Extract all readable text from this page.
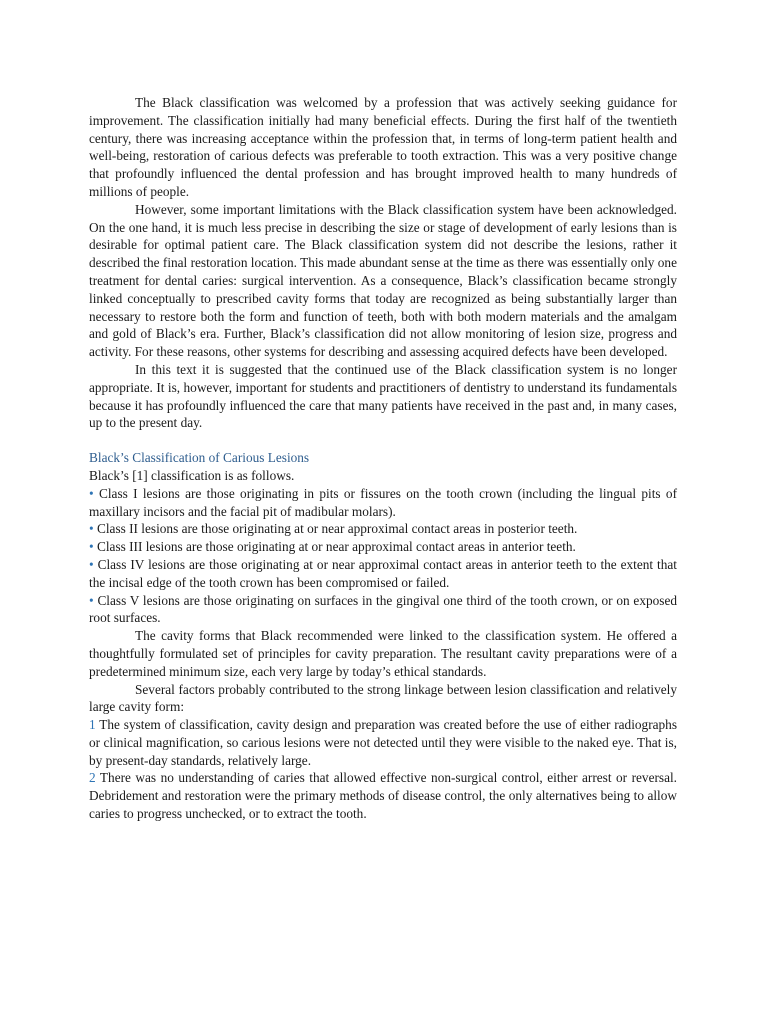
The Black classification was welcomed by a profession that was actively seeking guidance for improvement. The classification initially had many beneficial effects. During the first half of the twentieth century, there was increasing acceptance within the profession that, in terms of long-term patient health and well-being, restoration of carious defects was preferable to tooth extraction. This was a very positive change that profoundly influenced the dental profession and has brought improved health to many hundreds of millions of people.

However, some important limitations with the Black classification system have been acknowledged. On the one hand, it is much less precise in describing the size or stage of development of early lesions than is desirable for optimal patient care. The Black classification system did not describe the lesions, rather it described the final restoration location. This made abundant sense at the time as there was essentially only one treatment for dental caries: surgical intervention. As a consequence, Black’s classification became strongly linked conceptually to prescribed cavity forms that today are recognized as being substantially larger than necessary to restore both the form and function of teeth, both with both modern materials and the amalgam and gold of Black’s era. Further, Black’s classification did not allow monitoring of lesion size, progress and activity. For these reasons, other systems for describing and assessing acquired defects have been developed.

In this text it is suggested that the continued use of the Black classification system is no longer appropriate. It is, however, important for students and practitioners of dentistry to understand its fundamentals because it has profoundly influenced the care that many patients have received in the past and, in many cases, up to the present day.

Black’s Classification of Carious Lesions

Black’s [1] classification is as follows.

• Class I lesions are those originating in pits or fissures on the tooth crown (including the lingual pits of maxillary incisors and the facial pit of madibular molars).
• Class II lesions are those originating at or near approximal contact areas in posterior teeth.
• Class III lesions are those originating at or near approximal contact areas in anterior teeth.
• Class IV lesions are those originating at or near approximal contact areas in anterior teeth to the extent that the incisal edge of the tooth crown has been compromised or failed.
• Class V lesions are those originating on surfaces in the gingival one third of the tooth crown, or on exposed root surfaces.

The cavity forms that Black recommended were linked to the classification system. He offered a thoughtfully formulated set of principles for cavity preparation. The resultant cavity preparations were of a predetermined minimum size, each very large by today’s ethical standards.

Several factors probably contributed to the strong linkage between lesion classification and relatively large cavity form:

1 The system of classification, cavity design and preparation was created before the use of either radiographs or clinical magnification, so carious lesions were not detected until they were visible to the naked eye. That is, by present-day standards, relatively large.
2 There was no understanding of caries that allowed effective non-surgical control, either arrest or reversal. Debridement and restoration were the primary methods of disease control, the only alternatives being to allow caries to progress unchecked, or to extract the tooth.
